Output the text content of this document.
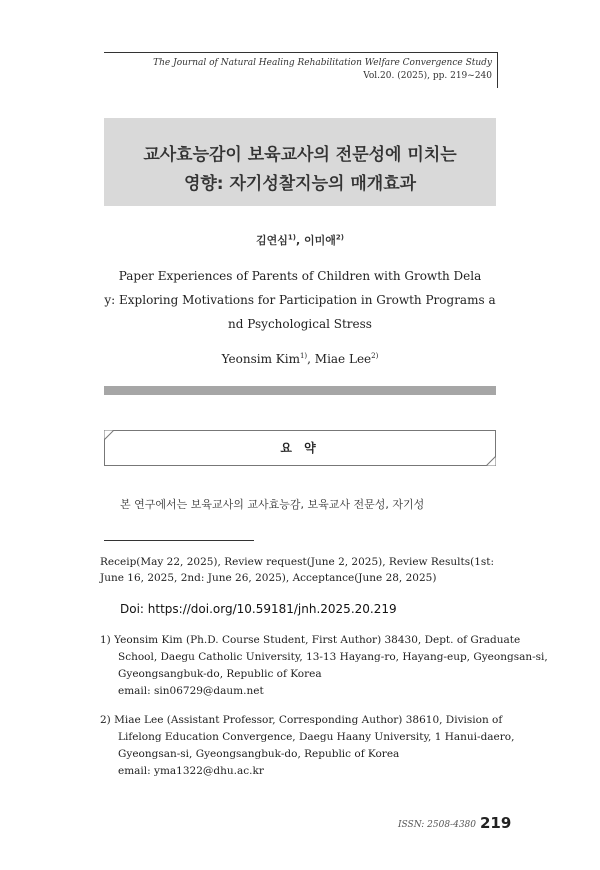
The Journal of Natural Healing Rehabilitation Welfare Convergence Study
Vol.20. (2025), pp. 219~240
교사효능감이 보육교사의 전문성에 미치는
영향: 자기성찰지능의 매개효과
김연심$^{1)}$, 이미애$^{2)}$
Paper Experiences of Parents of Children with Growth Dela
y: Exploring Motivations for Participation in Growth Programs a
nd Psychological Stress
Yeonsim Kim$^{1)}$, Miae Lee$^{2)}$
요 약
본 연구에서는 보육교사의 교사효능감, 보육교사 전문성, 자기성
Receip(May 22, 2025), Review request(June 2, 2025), Review Results(1st:
June 16, 2025, 2nd: June 26, 2025), Acceptance(June 28, 2025)
Doi: https://doi.org/10.59181/jnh.2025.20.219
1) Yeonsim Kim (Ph.D. Course Student, First Author) 38430, Dept. of Graduate
School, Daegu Catholic University, 13-13 Hayang-ro, Hayang-eup, Gyeongsan-si,
Gyeongsangbuk-do, Republic of Korea
email: sin06729@daum.net
2) Miae Lee (Assistant Professor, Corresponding Author) 38610, Division of
Lifelong Education Convergence, Daegu Haany University, 1 Hanui-daero,
Gyeongsan-si, Gyeongsangbuk-do, Republic of Korea
email: yma1322@dhu.ac.kr
ISSN: 2508-4380 219
